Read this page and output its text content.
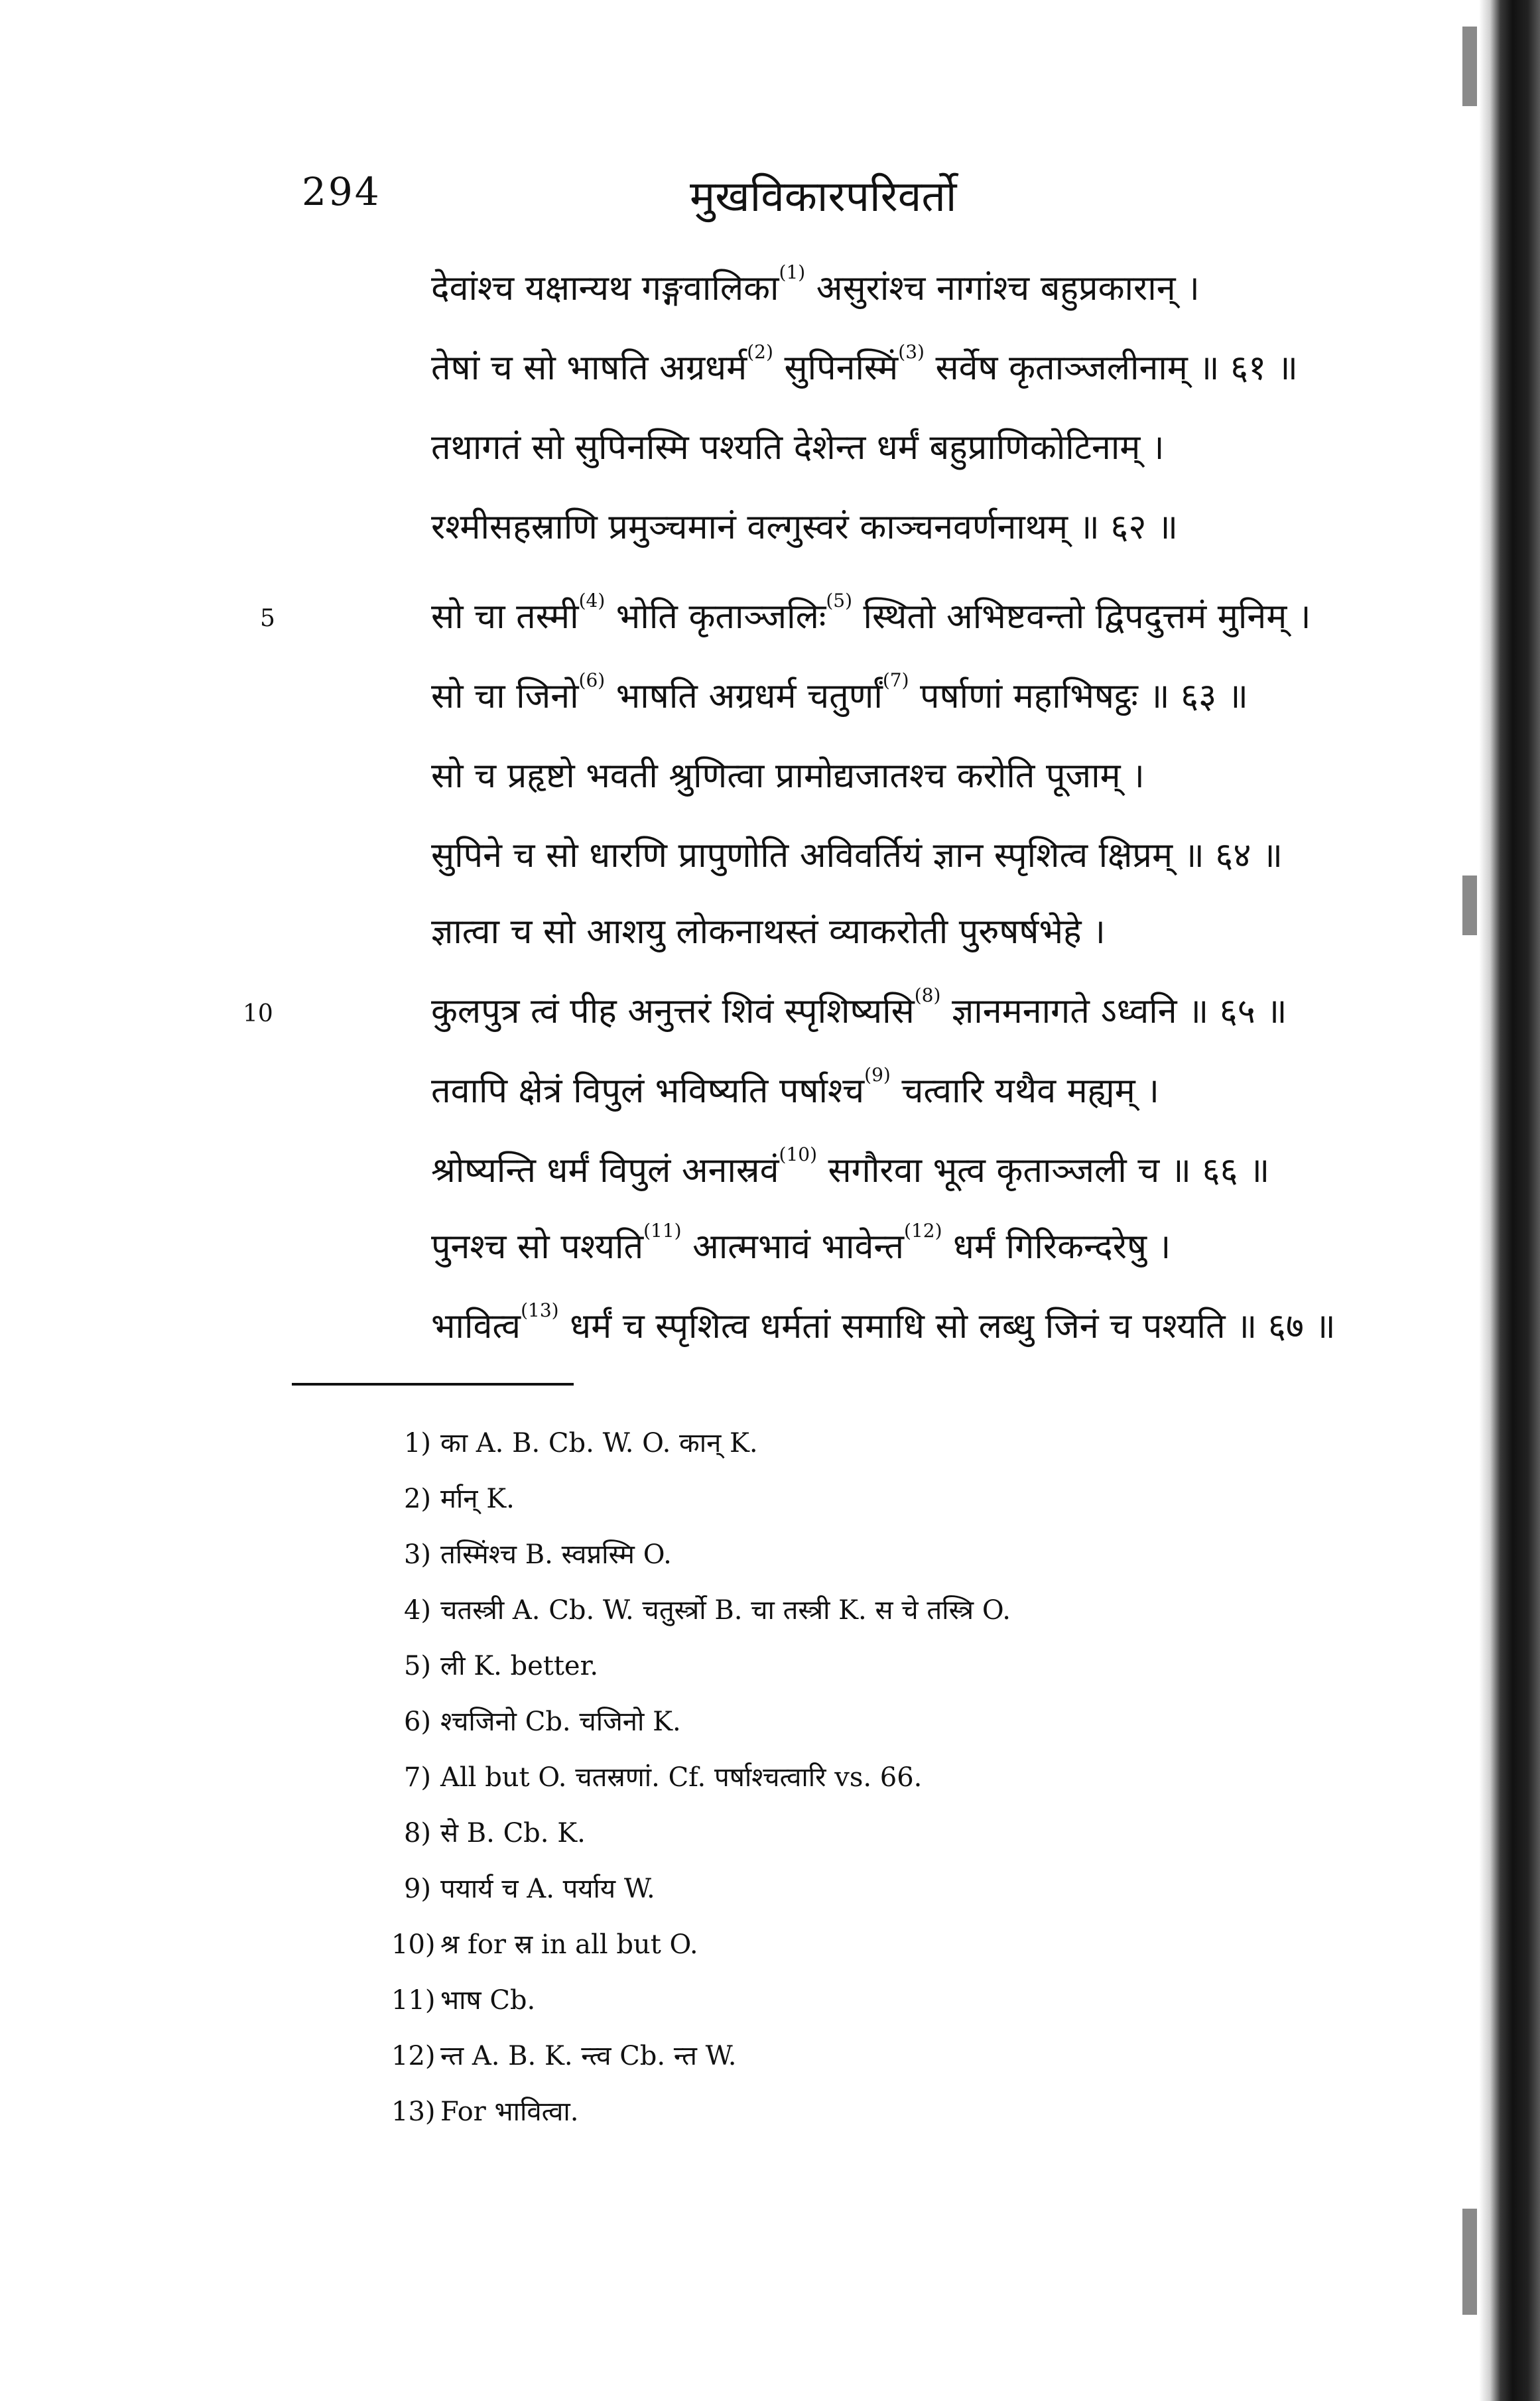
294	मुखविकारपरिवर्तो
5
10
देवांश्च यक्षान्यथ गङ्गवालिका$^{(1)}$ असुरांश्च नागांश्च बहुप्रकारान् ।
तेषां च सो भाषति अग्रधर्म$^{(2)}$ सुपिनस्मिं$^{(3)}$ सर्वेष कृताञ्जलीनाम् ॥ ६१ ॥
तथागतं सो सुपिनस्मि पश्यति देशेन्त धर्मं बहुप्राणिकोटिनाम् ।
रश्मीसहस्राणि प्रमुञ्चमानं वल्गुस्वरं काञ्चनवर्णनाथम् ॥ ६२ ॥
सो चा तस्मी$^{(4)}$ भोति कृताञ्जलिः$^{(5)}$ स्थितो अभिष्टवन्तो द्विपदुत्तमं मुनिम् ।
सो चा जिनो$^{(6)}$ भाषति अग्रधर्म चतुर्णां$^{(7)}$ पर्षाणां महाभिषट्ठः ॥ ६३ ॥
सो च प्रहृष्टो भवती श्रुणित्वा प्रामोद्यजातश्च करोति पूजाम् ।
सुपिने च सो धारणि प्रापुणोति अविवर्तियं ज्ञान स्पृशित्व क्षिप्रम् ॥ ६४ ॥
ज्ञात्वा च सो आशयु लोकनाथस्तं व्याकरोती पुरुषर्षभेहे ।
कुलपुत्र त्वं पीह अनुत्तरं शिवं स्पृशिष्यसि$^{(8)}$ ज्ञानमनागते ऽध्वनि ॥ ६५ ॥
तवापि क्षेत्रं विपुलं भविष्यति पर्षाश्च$^{(9)}$ चत्वारि यथैव मह्यम् ।
श्रोष्यन्ति धर्मं विपुलं अनास्रवं$^{(10)}$ सगौरवा भूत्व कृताञ्जली च ॥ ६६ ॥
पुनश्च सो पश्यति$^{(11)}$ आत्मभावं भावेन्त$^{(12)}$ धर्मं गिरिकन्दरेषु ।
भावित्व$^{(13)}$ धर्मं च स्पृशित्व धर्मतां समाधि सो लब्धु जिनं च पश्यति ॥ ६७ ॥
1) का A. B. Cb. W. O. कान् K.
2) र्मान् K.
3) तस्मिंश्च B. स्वप्नस्मि O.
4) चतस्त्री A. Cb. W. चतुर्स्त्रो B. चा तस्त्री K. स चे तस्त्रि O.
5) ली K. better.
6) श्चजिनो Cb. चजिनो K.
7) All but O. चतस्रणां. Cf. पर्षाश्चत्वारि vs. 66.
8) से B. Cb. K.
9) पयार्य च A. पर्याय W.
10) श्र for स्र in all but O.
11) भाष Cb.
12) न्त A. B. K. न्त्व Cb. न्त W.
13) For भावित्वा.
